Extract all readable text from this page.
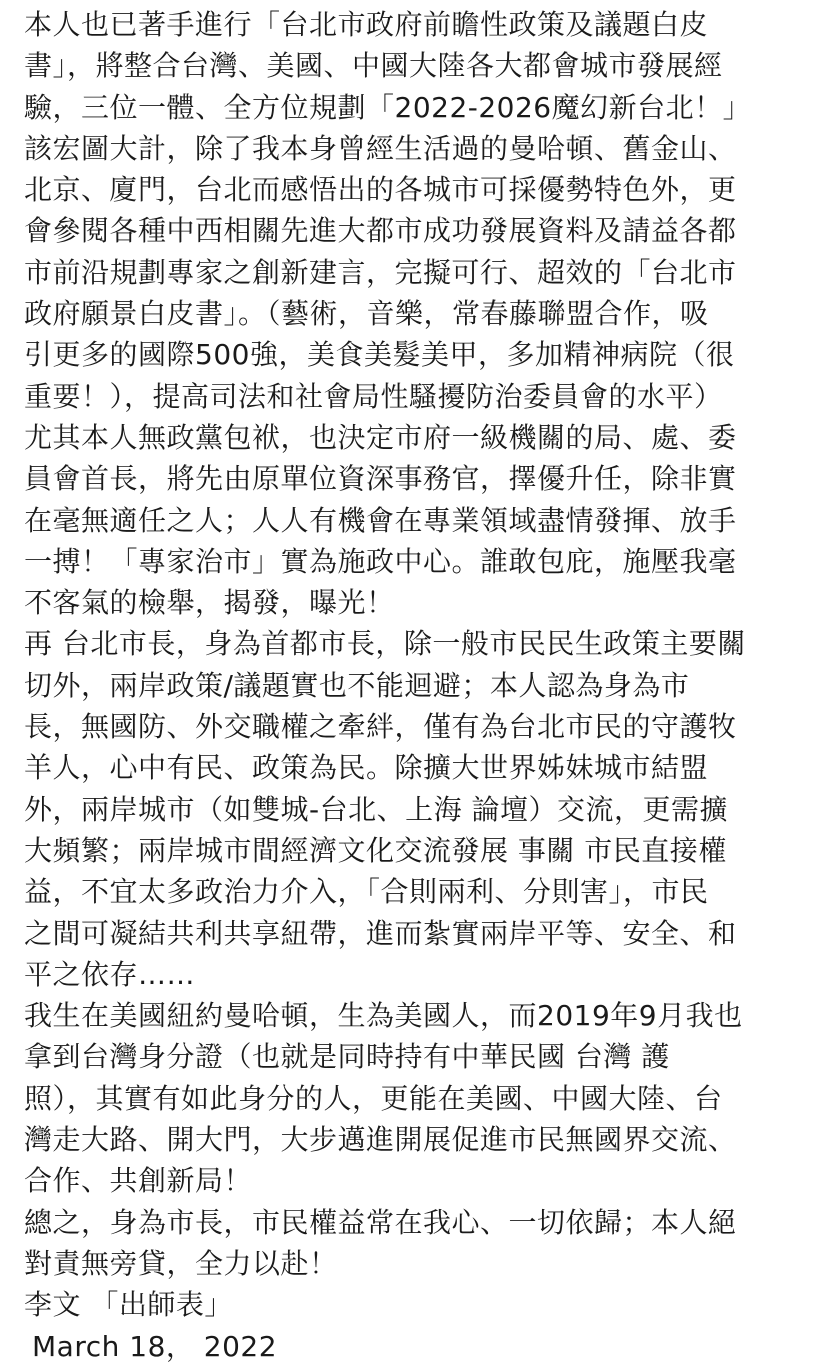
本人也已著手進行「台北市政府前瞻性政策及議題白皮
書」，將整合台灣、美國、中國大陸各大都會城市發展經
驗，三位一體、全方位規劃「2022-2026魔幻新台北！」
該宏圖大計，除了我本身曾經生活過的曼哈頓、舊金山、
北京、廈門，台北而感悟出的各城市可採優勢特色外，更
會參閱各種中西相關先進大都市成功發展資料及請益各都
市前沿規劃專家之創新建言，完擬可行、超效的「台北市
政府願景白皮書」。（藝術，音樂，常春藤聯盟合作，吸
引更多的國際500強，美食美髮美甲，多加精神病院（很
重要！），提高司法和社會局性騷擾防治委員會的水平）
尤其本人無政黨包袱，也決定市府一級機關的局、處、委
員會首長，將先由原單位資深事務官，擇優升任，除非實
在毫無適任之人；人人有機會在專業領域盡情發揮、放手
一搏！「專家治市」實為施政中心。誰敢包庇，施壓我毫
不客氣的檢舉，揭發，曝光！
再 台北市長，身為首都市長，除一般市民民生政策主要關
切外，兩岸政策/議題實也不能迴避；本人認為身為市
長，無國防、外交職權之牽絆，僅有為台北市民的守護牧
羊人，心中有民、政策為民。除擴大世界姊妹城市結盟
外，兩岸城市（如雙城-台北、上海 論壇）交流，更需擴
大頻繁；兩岸城市間經濟文化交流發展 事關 市民直接權
益，不宜太多政治力介入，「合則兩利、分則害」，市民
之間可凝結共利共享紐帶，進而紮實兩岸平等、安全、和
平之依存……
我生在美國紐約曼哈頓，生為美國人，而2019年9月我也
拿到台灣身分證（也就是同時持有中華民國 台灣 護
照），其實有如此身分的人，更能在美國、中國大陸、台
灣走大路、開大門，大步邁進開展促進市民無國界交流、
合作、共創新局！
總之，身為市長，市民權益常在我心、一切依歸；本人絕
對責無旁貸，全力以赴！
李文 「出師表」
March 18， 2022
